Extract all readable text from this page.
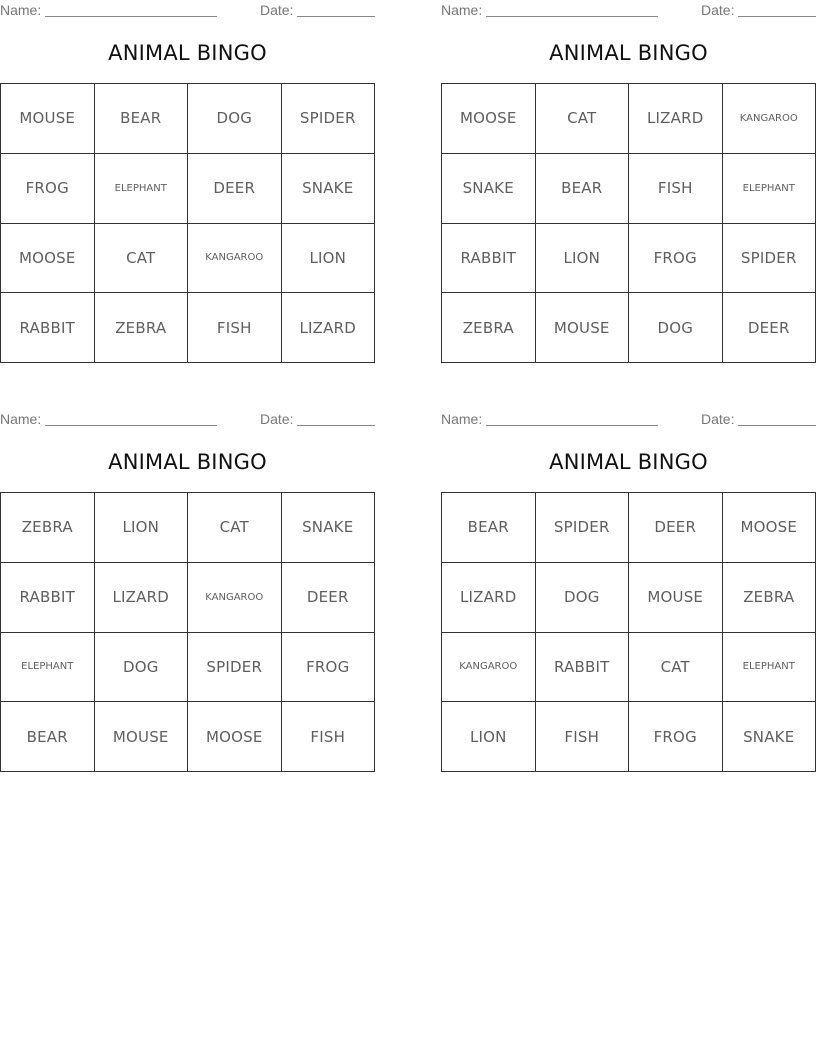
Name:	Date:
ANIMAL BINGO
MOUSE	BEAR	DOG	SPIDER
FROG	ELEPHANT	DEER	SNAKE
MOOSE	CAT	KANGAROO	LION
RABBIT	ZEBRA	FISH	LIZARD
Name:	Date:
ANIMAL BINGO
MOOSE	CAT	LIZARD	KANGAROO
SNAKE	BEAR	FISH	ELEPHANT
RABBIT	LION	FROG	SPIDER
ZEBRA	MOUSE	DOG	DEER
Name:	Date:
ANIMAL BINGO
ZEBRA	LION	CAT	SNAKE
RABBIT	LIZARD	KANGAROO	DEER
ELEPHANT	DOG	SPIDER	FROG
BEAR	MOUSE	MOOSE	FISH
Name:	Date:
ANIMAL BINGO
BEAR	SPIDER	DEER	MOOSE
LIZARD	DOG	MOUSE	ZEBRA
KANGAROO	RABBIT	CAT	ELEPHANT
LION	FISH	FROG	SNAKE
